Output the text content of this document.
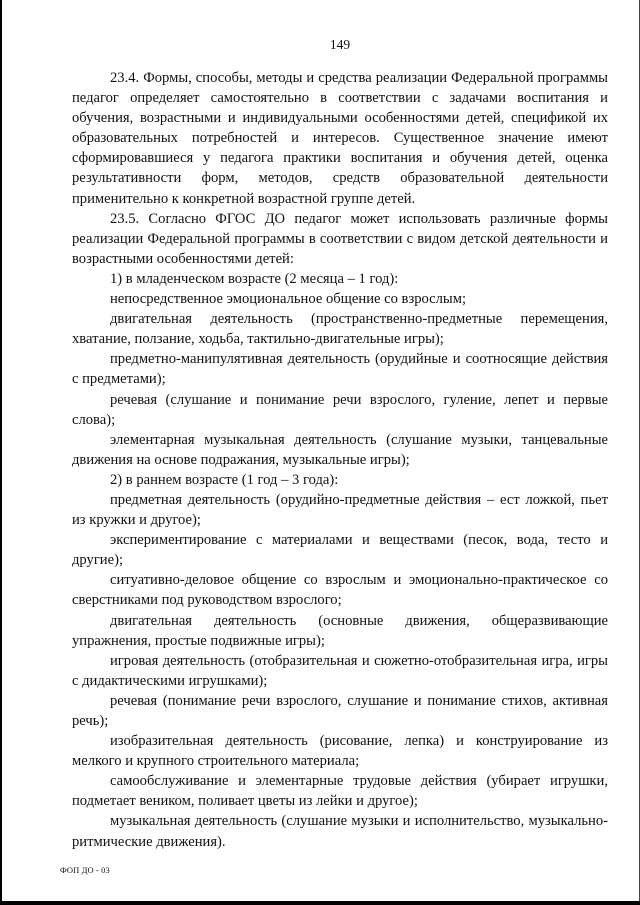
149

23.4. Формы, способы, методы и средства реализации Федеральной программы педагог определяет самостоятельно в соответствии с задачами воспитания и обучения, возрастными и индивидуальными особенностями детей, спецификой их образовательных потребностей и интересов. Существенное значение имеют сформировавшиеся у педагога практики воспитания и обучения детей, оценка результативности форм, методов, средств образовательной деятельности применительно к конкретной возрастной группе детей.

23.5. Согласно ФГОС ДО педагог может использовать различные формы реализации Федеральной программы в соответствии с видом детской деятельности и возрастными особенностями детей:

1) в младенческом возрасте (2 месяца – 1 год):

непосредственное эмоциональное общение со взрослым;

двигательная деятельность (пространственно-предметные перемещения, хватание, ползание, ходьба, тактильно-двигательные игры);

предметно-манипулятивная деятельность (орудийные и соотносящие действия с предметами);

речевая (слушание и понимание речи взрослого, гуление, лепет и первые слова);

элементарная музыкальная деятельность (слушание музыки, танцевальные движения на основе подражания, музыкальные игры);

2) в раннем возрасте (1 год – 3 года):

предметная деятельность (орудийно-предметные действия – ест ложкой, пьет из кружки и другое);

экспериментирование с материалами и веществами (песок, вода, тесто и другие);

ситуативно-деловое общение со взрослым и эмоционально-практическое со сверстниками под руководством взрослого;

двигательная деятельность (основные движения, общеразвивающие упражнения, простые подвижные игры);

игровая деятельность (отобразительная и сюжетно-отобразительная игра, игры с дидактическими игрушками);

речевая (понимание речи взрослого, слушание и понимание стихов, активная речь);

изобразительная деятельность (рисование, лепка) и конструирование из мелкого и крупного строительного материала;

самообслуживание и элементарные трудовые действия (убирает игрушки, подметает веником, поливает цветы из лейки и другое);

музыкальная деятельность (слушание музыки и исполнительство, музыкально-ритмические движения).

ФОП ДО - 03
